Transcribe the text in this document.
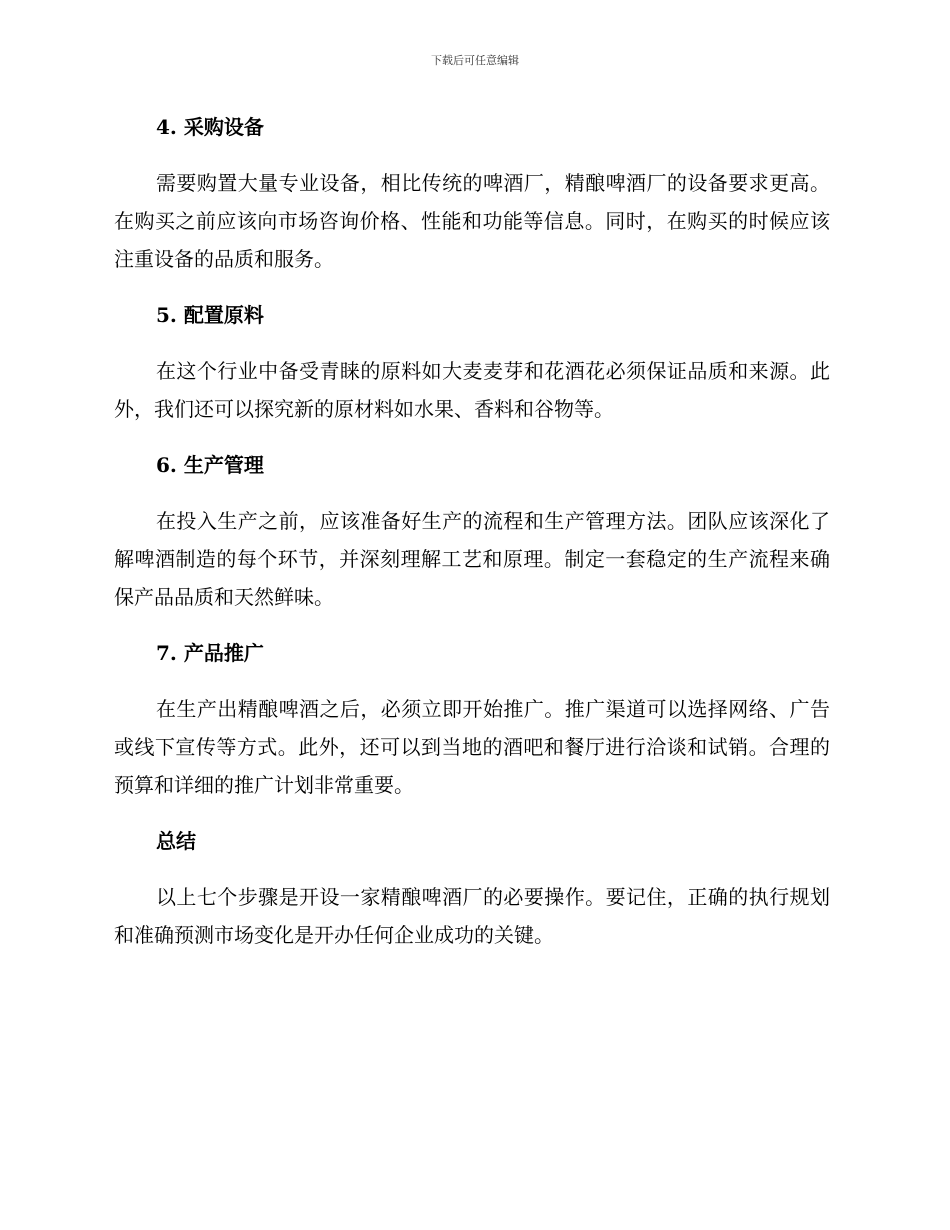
下载后可任意编辑
4. 采购设备
需要购置大量专业设备，相比传统的啤酒厂，精酿啤酒厂的设备要求更高。在购买之前应该向市场咨询价格、性能和功能等信息。同时，在购买的时候应该注重设备的品质和服务。
5. 配置原料
在这个行业中备受青睐的原料如大麦麦芽和花酒花必须保证品质和来源。此外，我们还可以探究新的原材料如水果、香料和谷物等。
6. 生产管理
在投入生产之前，应该准备好生产的流程和生产管理方法。团队应该深化了解啤酒制造的每个环节，并深刻理解工艺和原理。制定一套稳定的生产流程来确保产品品质和天然鲜味。
7. 产品推广
在生产出精酿啤酒之后，必须立即开始推广。推广渠道可以选择网络、广告或线下宣传等方式。此外，还可以到当地的酒吧和餐厅进行洽谈和试销。合理的预算和详细的推广计划非常重要。
总结
以上七个步骤是开设一家精酿啤酒厂的必要操作。要记住，正确的执行规划和准确预测市场变化是开办任何企业成功的关键。
